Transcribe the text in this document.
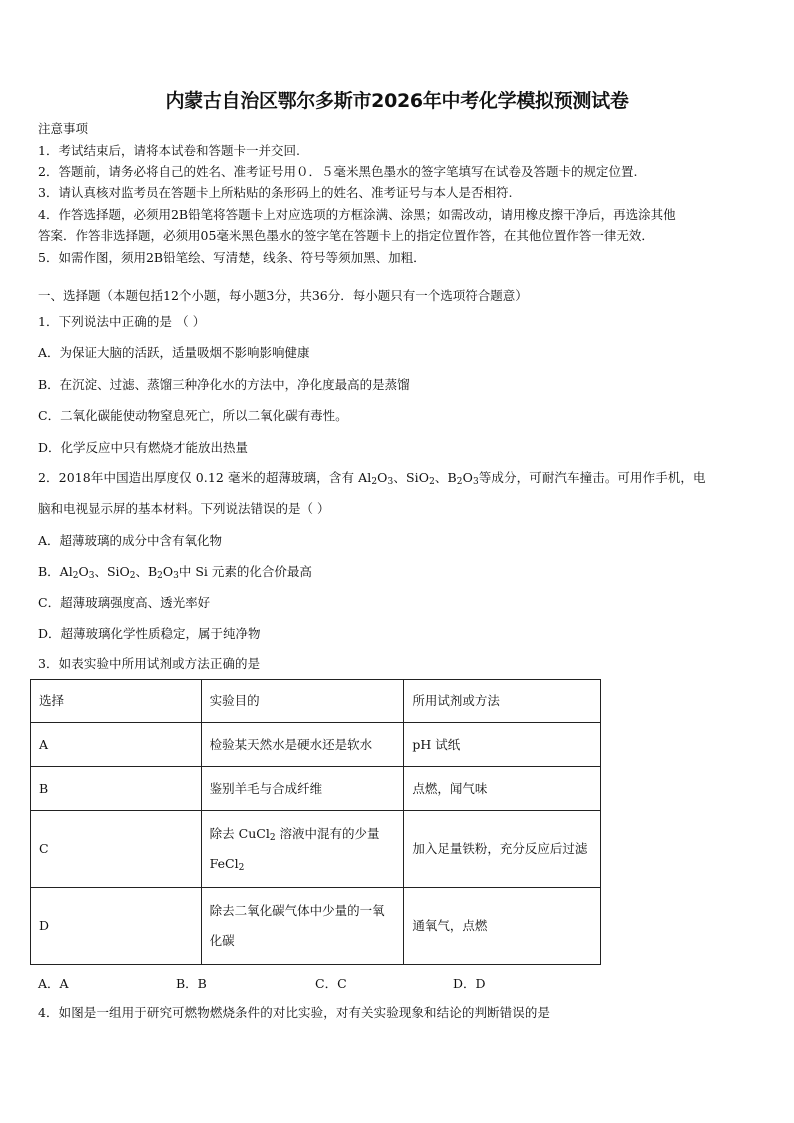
内蒙古自治区鄂尔多斯市2026年中考化学模拟预测试卷
注意事项
1．考试结束后，请将本试卷和答题卡一并交回.
2．答题前，请务必将自己的姓名、准考证号用０．５毫米黑色墨水的签字笔填写在试卷及答题卡的规定位置.
3．请认真核对监考员在答题卡上所粘贴的条形码上的姓名、准考证号与本人是否相符.
4．作答选择题，必须用2B铅笔将答题卡上对应选项的方框涂满、涂黑；如需改动，请用橡皮擦干净后，再选涂其他
答案．作答非选择题，必须用05毫米黑色墨水的签字笔在答题卡上的指定位置作答，在其他位置作答一律无效．
5．如需作图，须用2B铅笔绘、写清楚，线条、符号等须加黑、加粗．
一、选择题（本题包括12个小题，每小题3分，共36分．每小题只有一个选项符合题意）
1．下列说法中正确的是 （ ）
A．为保证大脑的活跃，适量吸烟不影响影响健康
B．在沉淀、过滤、蒸馏三种净化水的方法中，净化度最高的是蒸馏
C．二氧化碳能使动物窒息死亡，所以二氧化碳有毒性。
D．化学反应中只有燃烧才能放出热量
2．2018年中国造出厚度仅 0.12 毫米的超薄玻璃，含有 $Al_2O_3$、SiO$_2$、$B_2O_3$等成分，可耐汽车撞击。可用作手机，电
脑和电视显示屏的基本材料。下列说法错误的是（ ）
A．超薄玻璃的成分中含有氧化物
B．$Al_2O_3$、SiO$_2$、$B_2O_3$中 Si 元素的化合价最高
C．超薄玻璃强度高、透光率好
D．超薄玻璃化学性质稳定，属于纯净物
3．如表实验中所用试剂或方法正确的是
选择	实验目的	所用试剂或方法
A	检验某天然水是硬水还是软水	pH 试纸
B	鉴别羊毛与合成纤维	点燃，闻气味
C	除去 CuCl$_2$ 溶液中混有的少量
FeCl$_2$	加入足量铁粉，充分反应后过滤
D	除去二氧化碳气体中少量的一氧化碳	通氧气，点燃
A．A	B．B	C．C	D．D
4．如图是一组用于研究可燃物燃烧条件的对比实验，对有关实验现象和结论的判断错误的是
